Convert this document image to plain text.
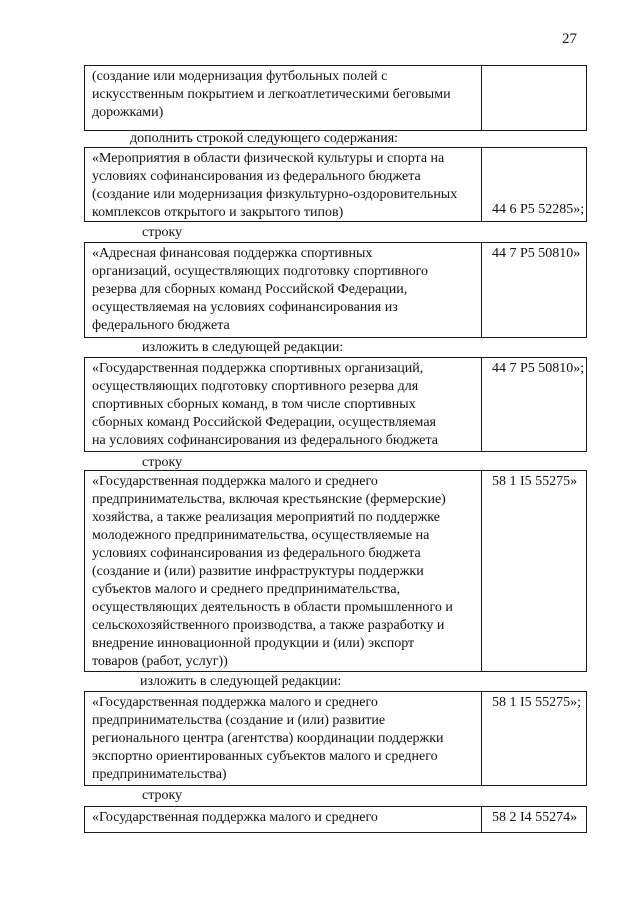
27
(создание или модернизация футбольных полей с
искусственным покрытием и легкоатлетическими беговыми
дорожками)
дополнить строкой следующего содержания:
«Мероприятия в области физической культуры и спорта на
условиях софинансирования из федерального бюджета
(создание или модернизация физкультурно-оздоровительных
комплексов открытого и закрытого типов)	44 6 P5 52285»;
строку
«Адресная финансовая поддержка спортивных
организаций, осуществляющих подготовку спортивного
резерва для сборных команд Российской Федерации,
осуществляемая на условиях софинансирования из
федерального бюджета
44 7 P5 50810»
изложить в следующей редакции:
«Государственная поддержка спортивных организаций,
осуществляющих подготовку спортивного резерва для
спортивных сборных команд, в том числе спортивных
сборных команд Российской Федерации, осуществляемая
на условиях софинансирования из федерального бюджета
44 7 P5 50810»;
строку
«Государственная поддержка малого и среднего
предпринимательства, включая крестьянские (фермерские)
хозяйства, а также реализация мероприятий по поддержке
молодежного предпринимательства, осуществляемые на
условиях софинансирования из федерального бюджета
(создание и (или) развитие инфраструктуры поддержки
субъектов малого и среднего предпринимательства,
осуществляющих деятельность в области промышленного и
сельскохозяйственного производства, а также разработку и
внедрение инновационной продукции и (или) экспорт
товаров (работ, услуг))
58 1 I5 55275»
изложить в следующей редакции:
«Государственная поддержка малого и среднего
предпринимательства (создание и (или) развитие
регионального центра (агентства) координации поддержки
экспортно ориентированных субъектов малого и среднего
предпринимательства)
58 1 I5 55275»;
строку
«Государственная поддержка малого и среднего	58 2 I4 55274»
